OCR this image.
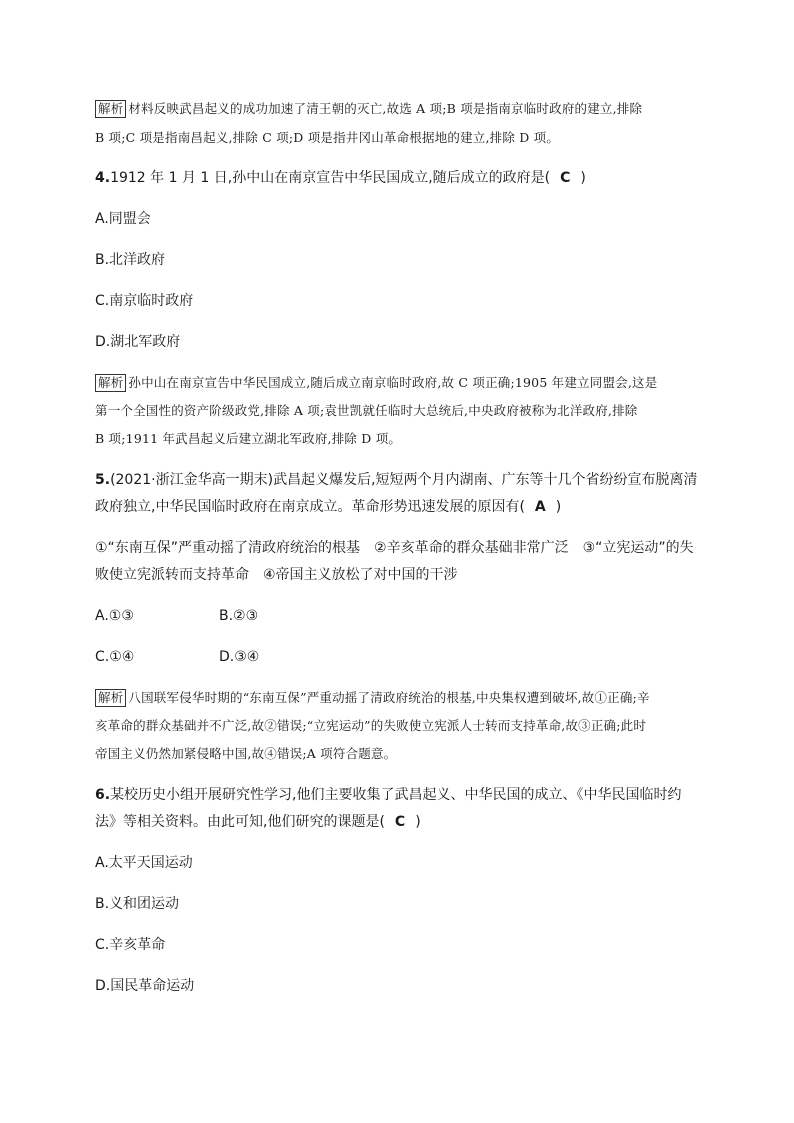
解析 材料反映武昌起义的成功加速了清王朝的灭亡,故选 A 项;B 项是指南京临时政府的建立,排除
B 项;C 项是指南昌起义,排除 C 项;D 项是指井冈山革命根据地的建立,排除 D 项。
4.1912 年 1 月 1 日,孙中山在南京宣告中华民国成立,随后成立的政府是( C )
A.同盟会
B.北洋政府
C.南京临时政府
D.湖北军政府
解析 孙中山在南京宣告中华民国成立,随后成立南京临时政府,故 C 项正确;1905 年建立同盟会,这是
第一个全国性的资产阶级政党,排除 A 项;袁世凯就任临时大总统后,中央政府被称为北洋政府,排除
B 项;1911 年武昌起义后建立湖北军政府,排除 D 项。
5.(2021·浙江金华高一期末)武昌起义爆发后,短短两个月内湖南、广东等十几个省纷纷宣布脱离清
政府独立,中华民国临时政府在南京成立。革命形势迅速发展的原因有( A )
①“东南互保”严重动摇了清政府统治的根基　②辛亥革命的群众基础非常广泛　③“立宪运动”的失
败使立宪派转而支持革命　④帝国主义放松了对中国的干涉
A.①③	B.②③
C.①④	D.③④
解析 八国联军侵华时期的“东南互保”严重动摇了清政府统治的根基,中央集权遭到破坏,故①正确;辛
亥革命的群众基础并不广泛,故②错误;“立宪运动”的失败使立宪派人士转而支持革命,故③正确;此时
帝国主义仍然加紧侵略中国,故④错误;A 项符合题意。
6.某校历史小组开展研究性学习,他们主要收集了武昌起义、中华民国的成立、《中华民国临时约
法》等相关资料。由此可知,他们研究的课题是( C )
A.太平天国运动
B.义和团运动
C.辛亥革命
D.国民革命运动
